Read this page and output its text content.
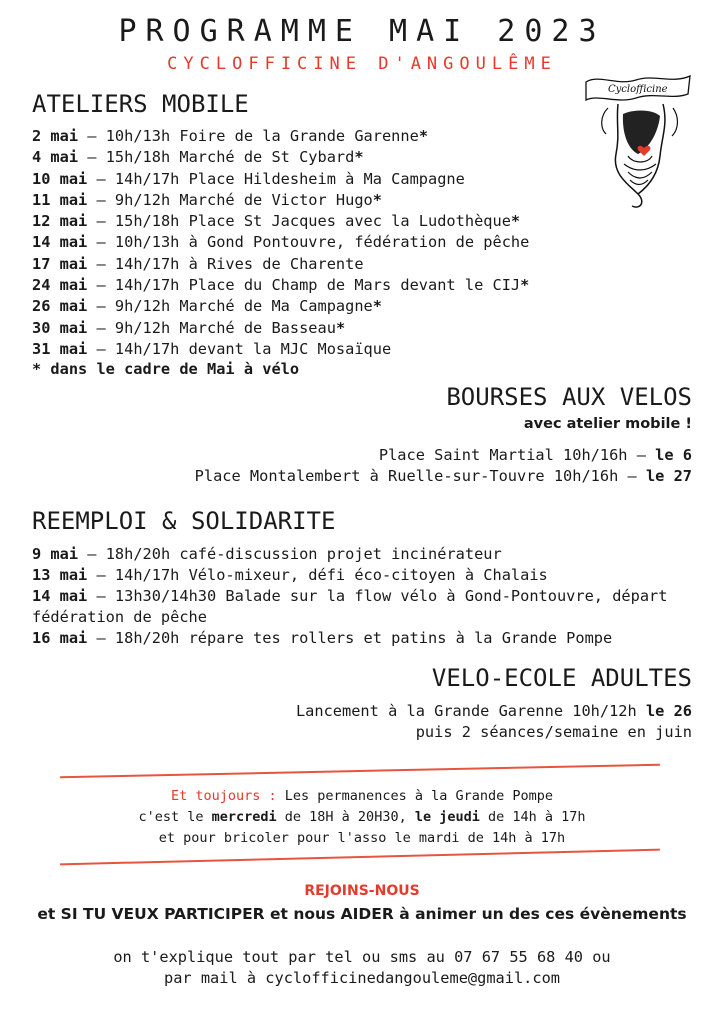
PROGRAMME MAI 2023
CYCLOFFICINE D'ANGOULÊME
Cyclofficine
ATELIERS MOBILE
2 mai – 10h/13h Foire de la Grande Garenne*
4 mai – 15h/18h Marché de St Cybard*
10 mai – 14h/17h Place Hildesheim à Ma Campagne
11 mai – 9h/12h Marché de Victor Hugo*
12 mai – 15h/18h Place St Jacques avec la Ludothèque*
14 mai – 10h/13h à Gond Pontouvre, fédération de pêche
17 mai – 14h/17h à Rives de Charente
24 mai – 14h/17h Place du Champ de Mars devant le CIJ*
26 mai – 9h/12h Marché de Ma Campagne*
30 mai – 9h/12h Marché de Basseau*
31 mai – 14h/17h devant la MJC Mosaïque
* dans le cadre de Mai à vélo
BOURSES AUX VELOS
avec atelier mobile !
Place Saint Martial 10h/16h – le 6
Place Montalembert à Ruelle-sur-Touvre 10h/16h – le 27
REEMPLOI & SOLIDARITE
9 mai – 18h/20h café-discussion projet incinérateur
13 mai – 14h/17h Vélo-mixeur, défi éco-citoyen à Chalais
14 mai – 13h30/14h30 Balade sur la flow vélo à Gond-Pontouvre, départ fédération de pêche
16 mai – 18h/20h répare tes rollers et patins à la Grande Pompe
VELO-ECOLE ADULTES
Lancement à la Grande Garenne 10h/12h le 26
puis 2 séances/semaine en juin
Et toujours : Les permanences à la Grande Pompe
c'est le mercredi de 18H à 20H30, le jeudi de 14h à 17h
et pour bricoler pour l'asso le mardi de 14h à 17h
REJOINS-NOUS
et SI TU VEUX PARTICIPER et nous AIDER à animer un des ces évènements
on t'explique tout par tel ou sms au 07 67 55 68 40 ou
par mail à cyclofficinedangouleme@gmail.com
